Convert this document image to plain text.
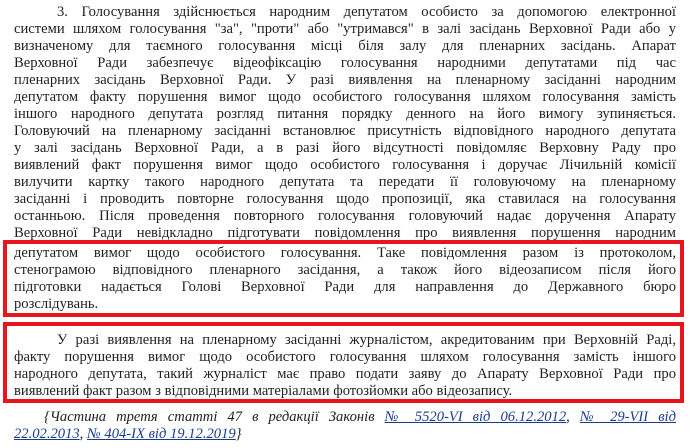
3. Голосування здійснюється народним депутатом особисто за допомогою електронної
системи шляхом голосування "за", "проти" або "утримався" в залі засідань Верховної Ради або у
визначеному для таємного голосування місці біля залу для пленарних засідань. Апарат
Верховної Ради забезпечує відеофіксацію голосування народними депутатами під час
пленарних засідань Верховної Ради. У разі виявлення на пленарному засіданні народним
депутатом факту порушення вимог щодо особистого голосування шляхом голосування замість
іншого народного депутата розгляд питання порядку денного на його вимогу зупиняється.
Головуючий на пленарному засіданні встановлює присутність відповідного народного депутата
у залі засідань Верховної Ради, а в разі його відсутності повідомляє Верховну Раду про
виявлений факт порушення вимог щодо особистого голосування і доручає Лічильній комісії
вилучити картку такого народного депутата та передати її головуючому на пленарному
засіданні і проводить повторне голосування щодо пропозиції, яка ставилася на голосування
останньою. Після проведення повторного голосування головуючий надає доручення Апарату
Верховної Ради невідкладно підготувати повідомлення про виявлення порушення народним
депутатом вимог щодо особистого голосування. Таке повідомлення разом із протоколом,
стенограмою відповідного пленарного засідання, а також його відеозаписом після його
підготовки надається Голові Верховної Ради для направлення до Державного бюро
розслідувань.
У разі виявлення на пленарному засіданні журналістом, акредитованим при Верховній Раді,
факту порушення вимог щодо особистого голосування шляхом голосування замість іншого
народного депутата, такий журналіст має право подати заяву до Апарату Верховної Ради про
виявлений факт разом з відповідними матеріалами фотозйомки або відеозапису.
{Частина третя статті 47 в редакції Законів № 5520-VI від 06.12.2012, № 29-VII від
22.02.2013, № 404-IX від 19.12.2019}
